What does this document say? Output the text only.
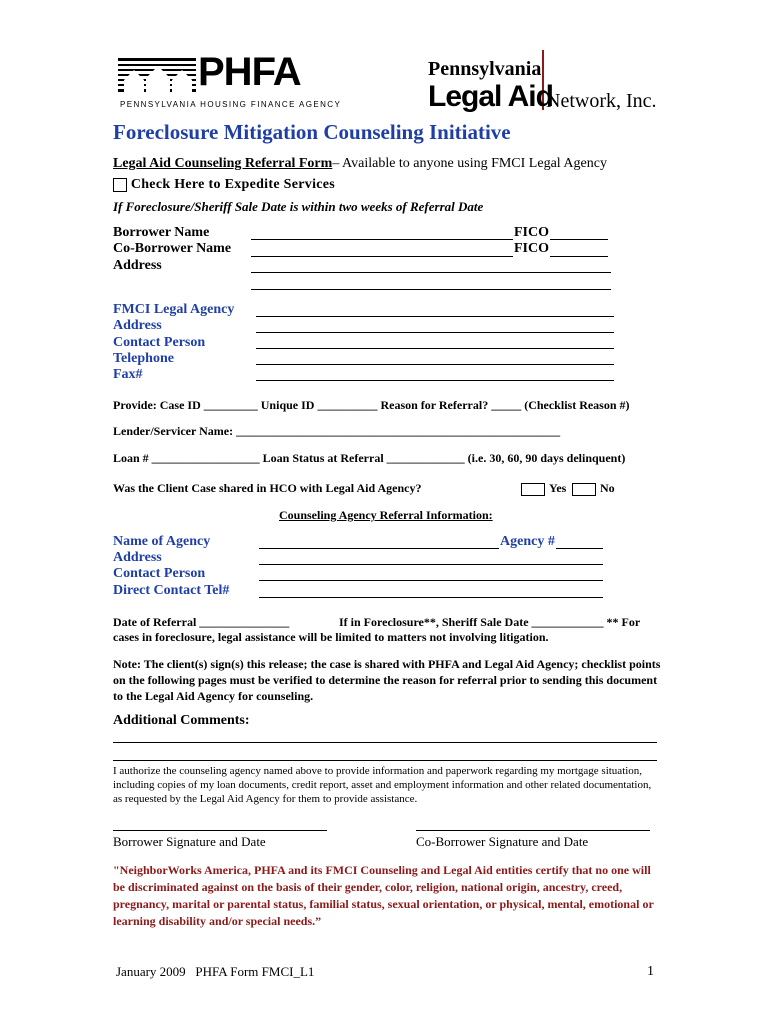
PHFA
PENNSYLVANIA HOUSING FINANCE AGENCY
Pennsylvania
Legal Aid
Network, Inc.
Foreclosure Mitigation Counseling Initiative
Legal Aid Counseling Referral Form– Available to anyone using FMCI Legal Agency
Check Here to Expedite Services
If Foreclosure/Sheriff Sale Date is within two weeks of Referral Date
Borrower Name	FICO
Co-Borrower Name	FICO
Address
FMCI Legal Agency
Address
Contact Person
Telephone
Fax#
Provide: Case ID _________ Unique ID __________ Reason for Referral? _____ (Checklist Reason #)
Lender/Servicer Name: ______________________________________________________
Loan # __________________ Loan Status at Referral _____________ (i.e. 30, 60, 90 days delinquent)
Was the Client Case shared in HCO with Legal Aid Agency?	Yes	No
Counseling Agency Referral Information:
Name of Agency	Agency #
Address
Contact Person
Direct Contact Tel#
Date of Referral _______________	If in Foreclosure**, Sheriff Sale Date ____________ ** For
cases in foreclosure, legal assistance will be limited to matters not involving litigation.
Note: The client(s) sign(s) this release; the case is shared with PHFA and Legal Aid Agency; checklist points on the following pages must be verified to determine the reason for referral prior to sending this document to the Legal Aid Agency for counseling.
Additional Comments:
I authorize the counseling agency named above to provide information and paperwork regarding my mortgage situation, including copies of my loan documents, credit report, asset and employment information and other related documentation, as requested by the Legal Aid Agency for them to provide assistance.
Borrower Signature and Date	Co-Borrower Signature and Date
"NeighborWorks America, PHFA and its FMCI Counseling and Legal Aid entities certify that no one will be discriminated against on the basis of their gender, color, religion, national origin, ancestry, creed, pregnancy, marital or parental status, familial status, sexual orientation, or physical, mental, emotional or learning disability and/or special needs.”
January 2009   PHFA Form FMCI_L1	1
